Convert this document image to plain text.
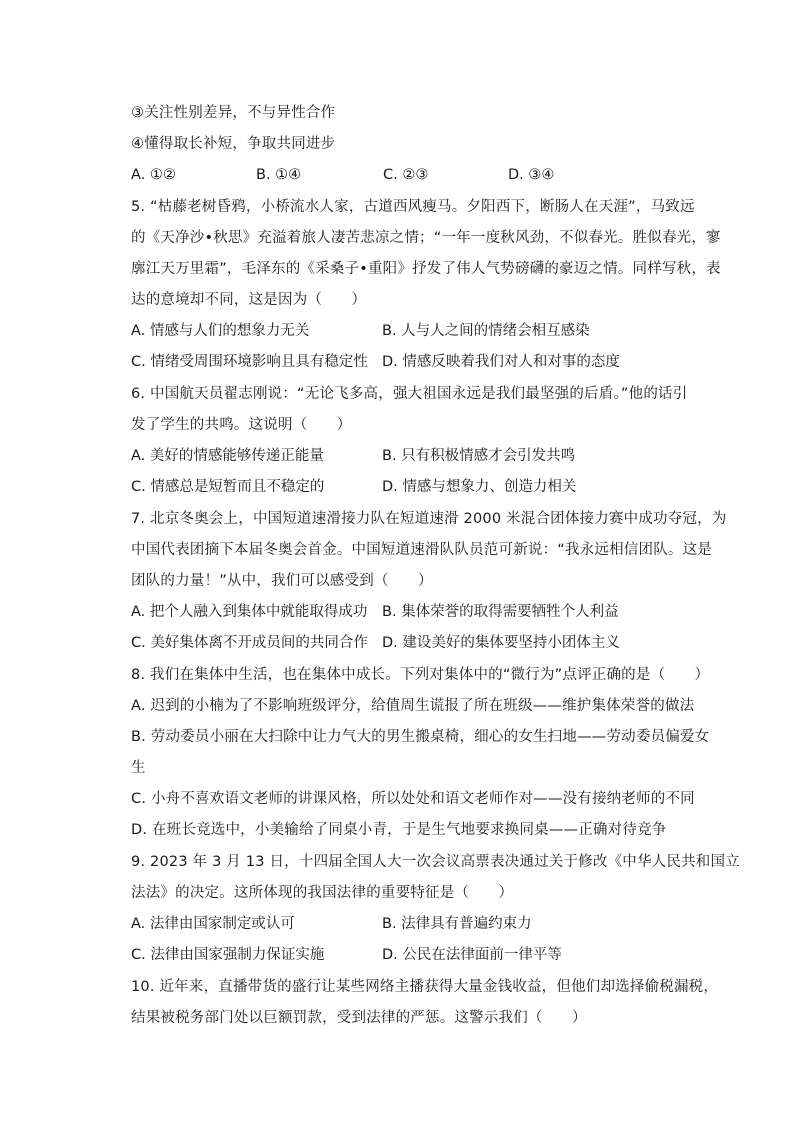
③关注性别差异，不与异性合作
④懂得取长补短，争取共同进步
A. ①②	B. ①④	C. ②③	D. ③④
5. “枯藤老树昏鸦，小桥流水人家，古道西风瘦马。夕阳西下，断肠人在天涯”，马致远
的《天净沙•秋思》充溢着旅人凄苦悲凉之情；“一年一度秋风劲，不似春光。胜似春光，寥
廓江天万里霜”，毛泽东的《采桑子•重阳》抒发了伟人气势磅礴的豪迈之情。同样写秋，表
达的意境却不同，这是因为（　　）
A. 情感与人们的想象力无关	B. 人与人之间的情绪会相互感染
C. 情绪受周围环境影响且具有稳定性 D. 情感反映着我们对人和对事的态度
6. 中国航天员翟志刚说：“无论飞多高，强大祖国永远是我们最坚强的后盾。”他的话引
发了学生的共鸣。这说明（　　）
A. 美好的情感能够传递正能量	B. 只有积极情感才会引发共鸣
C. 情感总是短暂而且不稳定的	D. 情感与想象力、创造力相关
7. 北京冬奥会上，中国短道速滑接力队在短道速滑 2000 米混合团体接力赛中成功夺冠，为
中国代表团摘下本届冬奥会首金。中国短道速滑队队员范可新说：“我永远相信团队。这是
团队的力量！”从中，我们可以感受到（　　）
A. 把个人融入到集体中就能取得成功 B. 集体荣誉的取得需要牺牲个人利益
C. 美好集体离不开成员间的共同合作 D. 建设美好的集体要坚持小团体主义
8. 我们在集体中生活，也在集体中成长。下列对集体中的“微行为”点评正确的是（　　）
A. 迟到的小楠为了不影响班级评分，给值周生谎报了所在班级——维护集体荣誉的做法
B. 劳动委员小丽在大扫除中让力气大的男生搬桌椅，细心的女生扫地——劳动委员偏爱女
生
C. 小舟不喜欢语文老师的讲课风格，所以处处和语文老师作对——没有接纳老师的不同
D. 在班长竞选中，小美输给了同桌小青，于是生气地要求换同桌——正确对待竞争
9. 2023 年 3 月 13 日，十四届全国人大一次会议高票表决通过关于修改《中华人民共和国立
法法》的决定。这所体现的我国法律的重要特征是（　　）
A. 法律由国家制定或认可	B. 法律具有普遍约束力
C. 法律由国家强制力保证实施	D. 公民在法律面前一律平等
10. 近年来，直播带货的盛行让某些网络主播获得大量金钱收益，但他们却选择偷税漏税，
结果被税务部门处以巨额罚款，受到法律的严惩。这警示我们（　　）
